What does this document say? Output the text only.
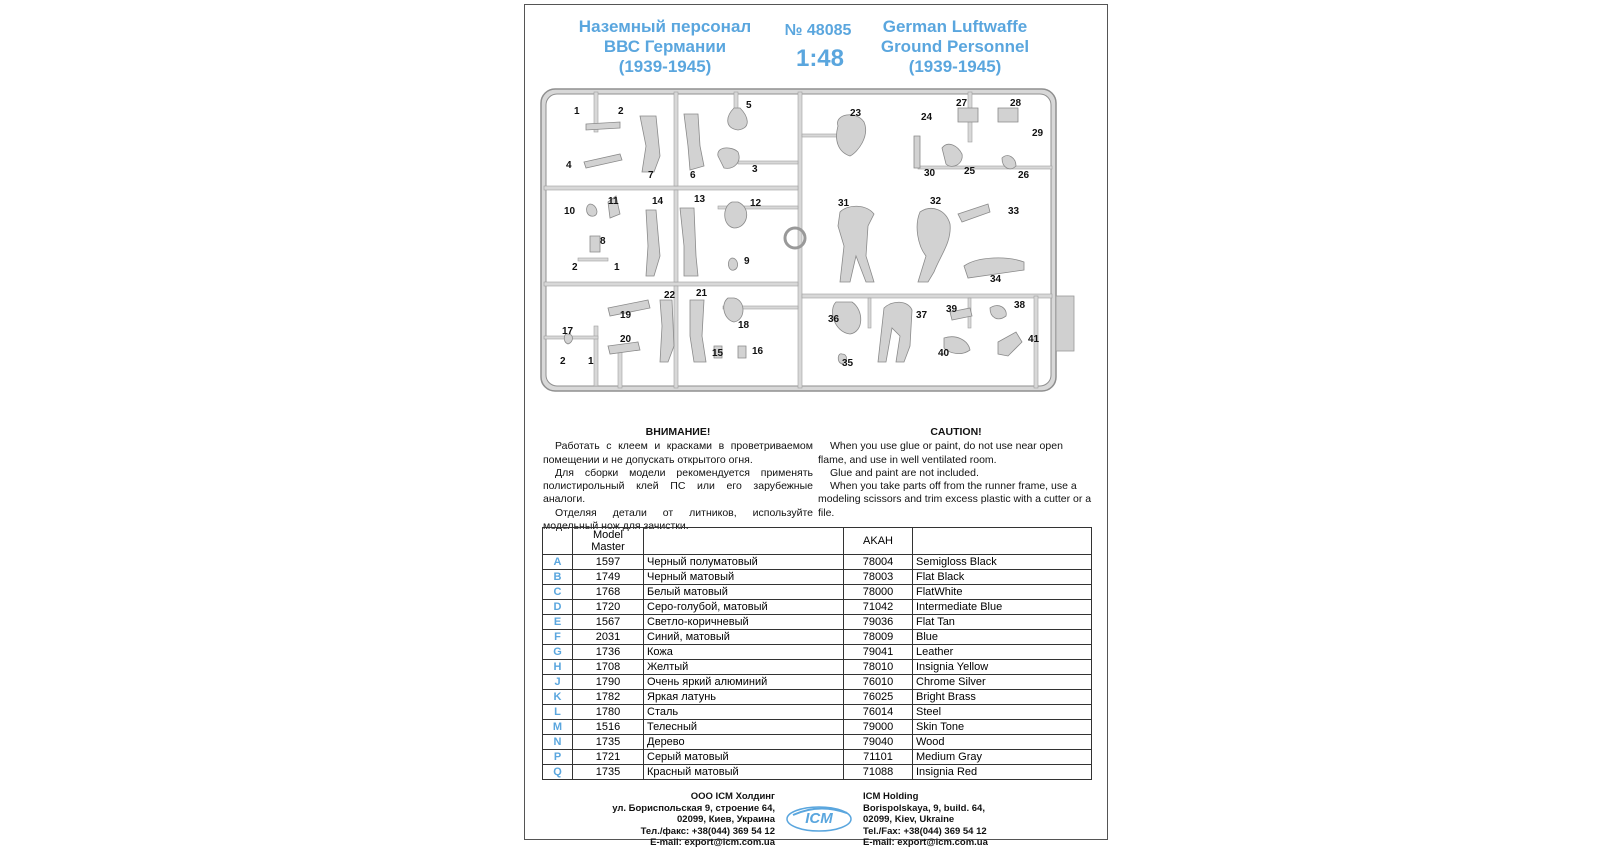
Наземный персонал
ВВС Германии
(1939-1945)
№ 48085
1:48
German Luftwaffe
Ground Personnel
(1939-1945)
1	2
5
4
7	6
3
23	24
27	28
29
25	26
30
10
11	14	13	12
8
2	1
9
31	32
33
34
19
22 21
18
17
20
2 1
15	16
36	37
39	38
35
40
41
ВНИМАНИЕ!

Работать с клеем и красками в проветриваемом помещении и не допускать открытого огня.

Для сборки модели рекомендуется применять полистирольный клей ПС или его зарубежные аналоги.

Отделяя детали от литников, используйте модельный нож для зачистки.

CAUTION!

When you use glue or paint, do not use near open flame, and use in well ventilated room.

Glue and paint are not included.

When you take parts off from the runner frame, use a modeling scissors and trim excess plastic with a cutter or a file.

	Model Master		AKAH	
A	1597	Черный полуматовый	78004	Semigloss Black
B	1749	Черный матовый	78003	Flat Black
C	1768	Белый матовый	78000	FlatWhite
D	1720	Серо-голубой, матовый	71042	Intermediate Blue
E	1567	Светло-коричневый	79036	Flat Tan
F	2031	Синий, матовый	78009	Blue
G	1736	Кожа	79041	Leather
H	1708	Желтый	78010	Insignia Yellow
J	1790	Очень яркий алюминий	76010	Chrome Silver
K	1782	Яркая латунь	76025	Bright Brass
L	1780	Сталь	76014	Steel
M	1516	Телесный	79000	Skin Tone
N	1735	Дерево	79040	Wood
P	1721	Серый матовый	71101	Medium Gray
Q	1735	Красный матовый	71088	Insignia Red
ООО ICM Холдинг
ул. Бориспольская 9, строение 64,
02099, Киев, Украина
Тел./факс: +38(044) 369 54 12
E-mail: export@icm.com.ua
ICM
ICM Holding
Borispolskaya, 9, build. 64,
02099, Kiev, Ukraine
Tel./Fax: +38(044) 369 54 12
E-mail: export@icm.com.ua
